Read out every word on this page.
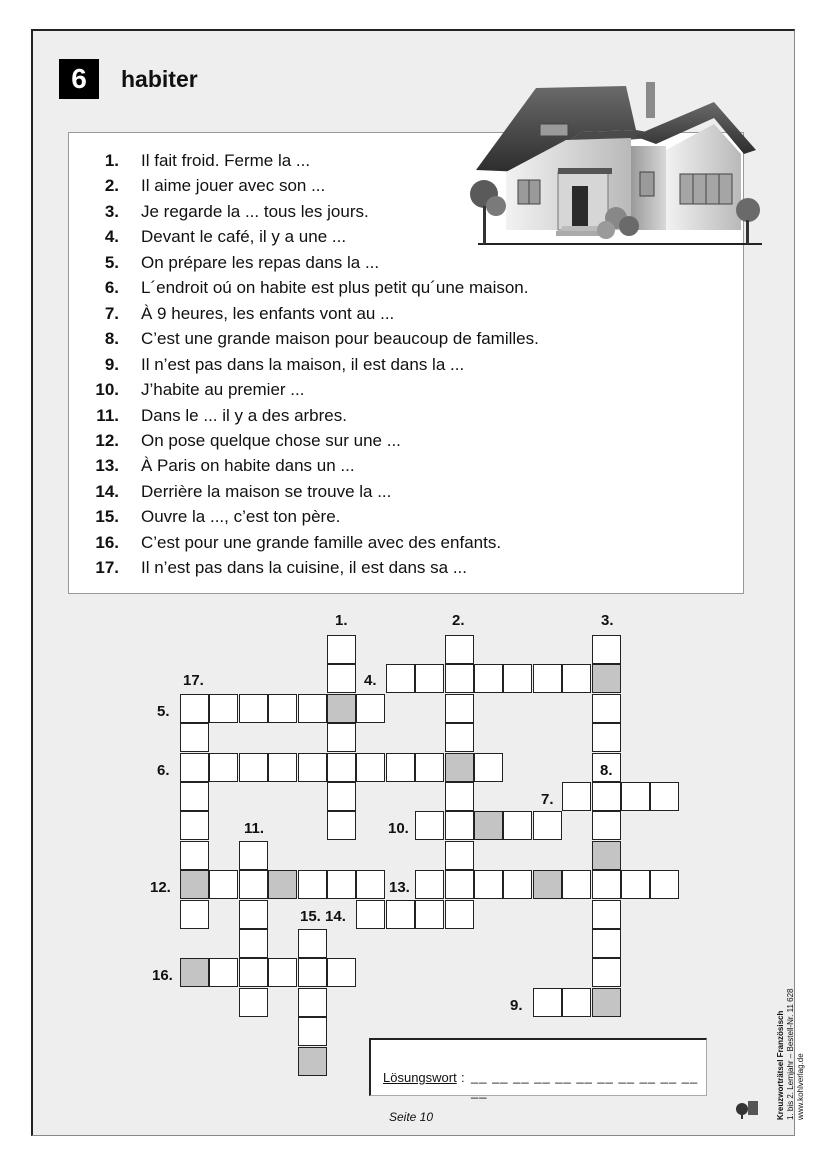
6	habiter
1. Il fait froid. Ferme la ...
2. Il aime jouer avec son ...
3. Je regarde la ... tous les jours.
4. Devant le café, il y a une ...
5. On prépare les repas dans la ...
6. L´endroit oú on habite est plus petit qu´une maison.
7. À 9 heures, les enfants vont au ...
8. C’est une grande maison pour beaucoup de familles.
9. Il n’est pas dans la maison, il est dans la ...
10. J’habite au premier ...
11. Dans le ... il y a des arbres.
12. On pose quelque chose sur une ...
13. À Paris on habite dans un ...
14. Derrière la maison se trouve la ...
15. Ouvre la ..., c’est ton père.
16. C’est pour une grande famille avec des enfants.
17. Il n’est pas dans la cuisine, il est dans sa ...
1.	2.	3.
17.	4.
5.
6.	8.
7.
11.	10.
12.	13.
15. 14.
16.
9.
Lösungswort : __ __ __ __ __ __ __ __ __ __ __ __
Seite 10	Kreuzworträtsel Französisch 1. bis 2. Lernjahr – Bestell-Nr. 11 628 www.kohlverlag.de
